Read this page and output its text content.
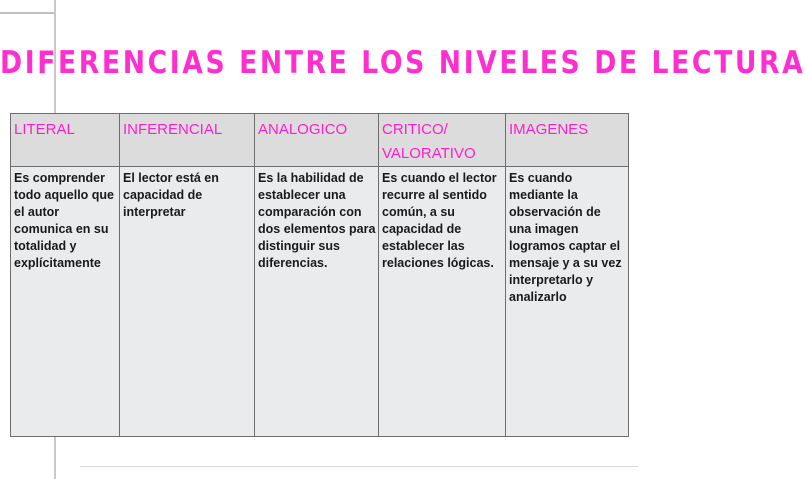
DIFERENCIAS ENTRE LOS NIVELES DE LECTURA
LITERAL	INFERENCIAL	ANALOGICO	CRITICO/ VALORATIVO	IMAGENES
Es comprender todo aquello que el autor comunica en su totalidad y explícitamente	El lector está en capacidad de interpretar	Es la habilidad de establecer una comparación con dos elementos para distinguir sus diferencias.	Es cuando el lector recurre al sentido común, a su capacidad de establecer las relaciones lógicas.	Es cuando mediante la observación de una imagen logramos captar el mensaje y a su vez interpretarlo y analizarlo
